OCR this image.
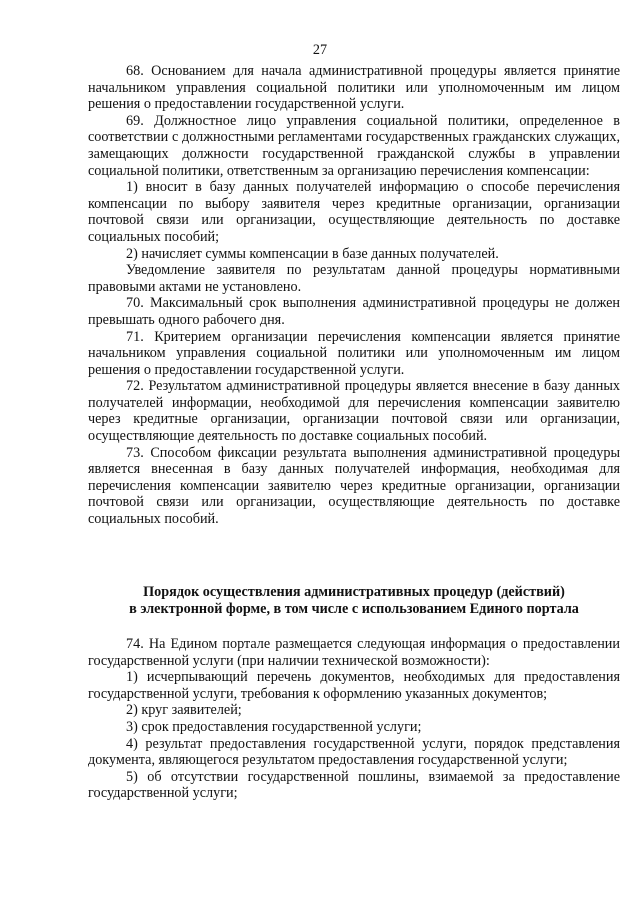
27

68. Основанием для начала административной процедуры является принятие начальником управления социальной политики или уполномоченным им лицом решения о предоставлении государственной услуги.

69. Должностное лицо управления социальной политики, определенное в соответствии с должностными регламентами государственных гражданских служащих, замещающих должности государственной гражданской службы в управлении социальной политики, ответственным за организацию перечисления компенсации:

1) вносит в базу данных получателей информацию о способе перечисления компенсации по выбору заявителя через кредитные организации, организации почтовой связи или организации, осуществляющие деятельность по доставке социальных пособий;

2) начисляет суммы компенсации в базе данных получателей.

Уведомление заявителя по результатам данной процедуры нормативными правовыми актами не установлено.

70. Максимальный срок выполнения административной процедуры не должен превышать одного рабочего дня.

71. Критерием организации перечисления компенсации является принятие начальником управления социальной политики или уполномоченным им лицом решения о предоставлении государственной услуги.

72. Результатом административной процедуры является внесение в базу данных получателей информации, необходимой для перечисления компенсации заявителю через кредитные организации, организации почтовой связи или организации, осуществляющие деятельность по доставке социальных пособий.

73. Способом фиксации результата выполнения административной процедуры является внесенная в базу данных получателей информация, необходимая для перечисления компенсации заявителю через кредитные организации, организации почтовой связи или организации, осуществляющие деятельность по доставке социальных пособий.

Порядок осуществления административных процедур (действий)

в электронной форме, в том числе с использованием Единого портала

74. На Едином портале размещается следующая информация о предоставлении государственной услуги (при наличии технической возможности):

1) исчерпывающий перечень документов, необходимых для предоставления государственной услуги, требования к оформлению указанных документов;

2) круг заявителей;

3) срок предоставления государственной услуги;

4) результат предоставления государственной услуги, порядок представления документа, являющегося результатом предоставления государственной услуги;

5) об отсутствии государственной пошлины, взимаемой за предоставление государственной услуги;
